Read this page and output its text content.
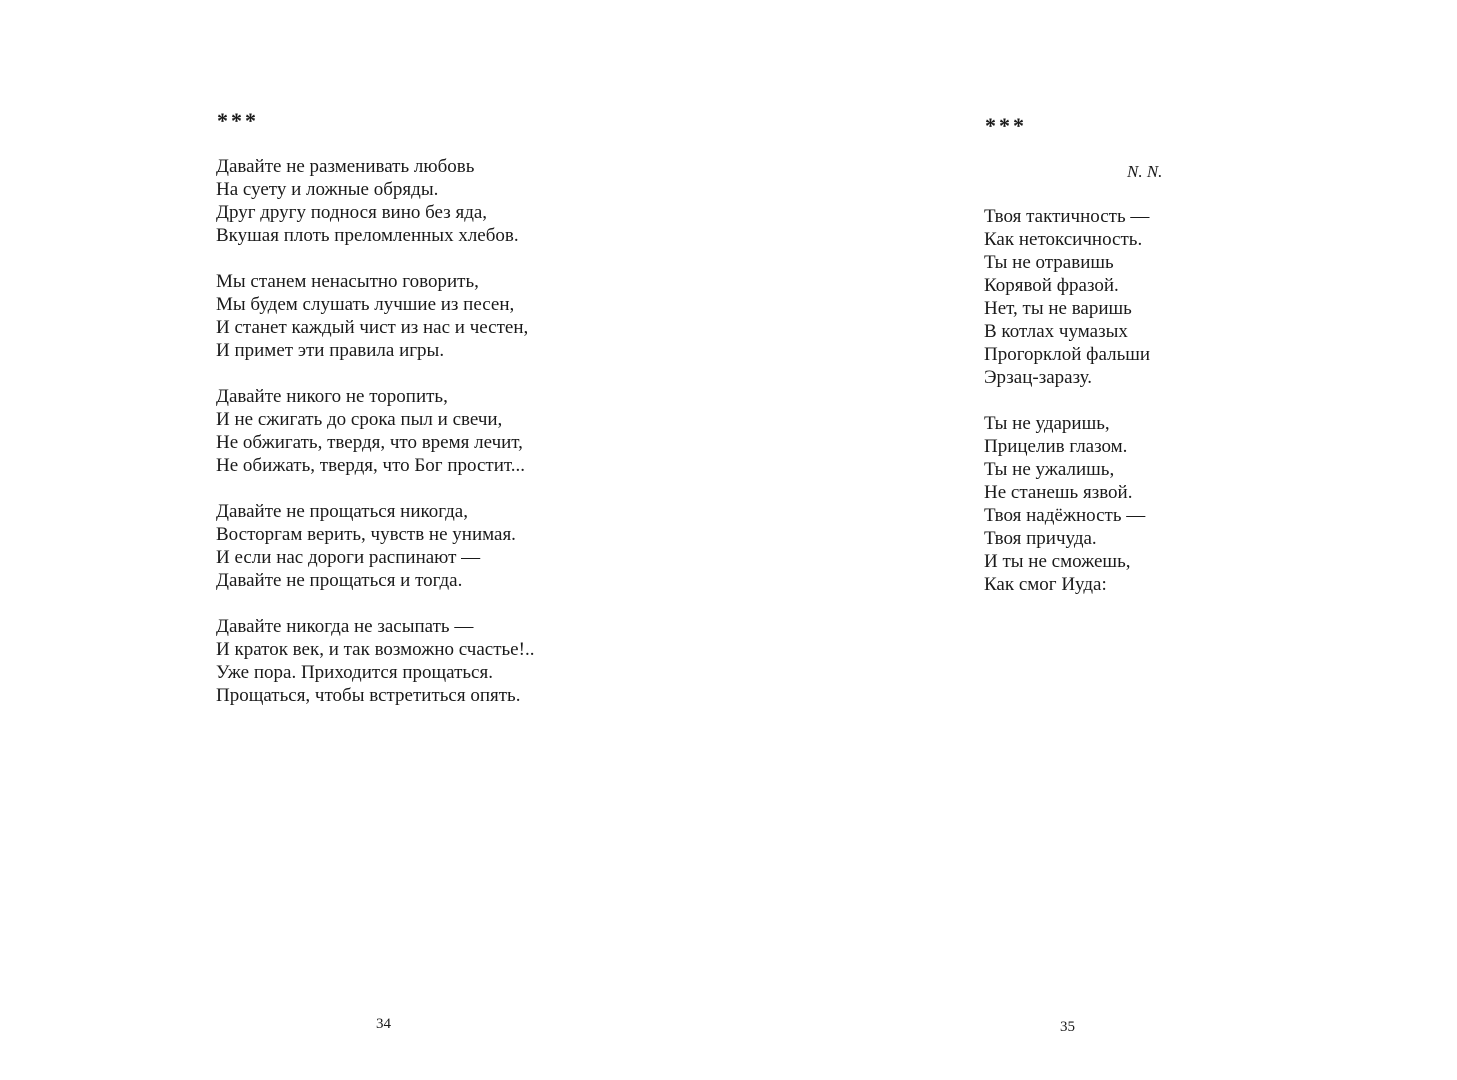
***
Давайте не разменивать любовь
На суету и ложные обряды.
Друг другу поднося вино без яда,
Вкушая плоть преломленных хлебов.
Мы станем ненасытно говорить,
Мы будем слушать лучшие из песен,
И станет каждый чист из нас и честен,
И примет эти правила игры.
Давайте никого не торопить,
И не сжигать до срока пыл и свечи,
Не обжигать, твердя, что время лечит,
Не обижать, твердя, что Бог простит...
Давайте не прощаться никогда,
Восторгам верить, чувств не унимая.
И если нас дороги распинают —
Давайте не прощаться и тогда.
Давайте никогда не засыпать —
И краток век, и так возможно счастье!..
Уже пора. Приходится прощаться.
Прощаться, чтобы встретиться опять.
34
***
N. N.
Твоя тактичность —
Как нетоксичность.
Ты не отравишь
Корявой фразой.
Нет, ты не варишь
В котлах чумазых
Прогорклой фальши
Эрзац-заразу.
Ты не ударишь,
Прицелив глазом.
Ты не ужалишь,
Не станешь язвой.
Твоя надёжность —
Твоя причуда.
И ты не сможешь,
Как смог Иуда:
35
